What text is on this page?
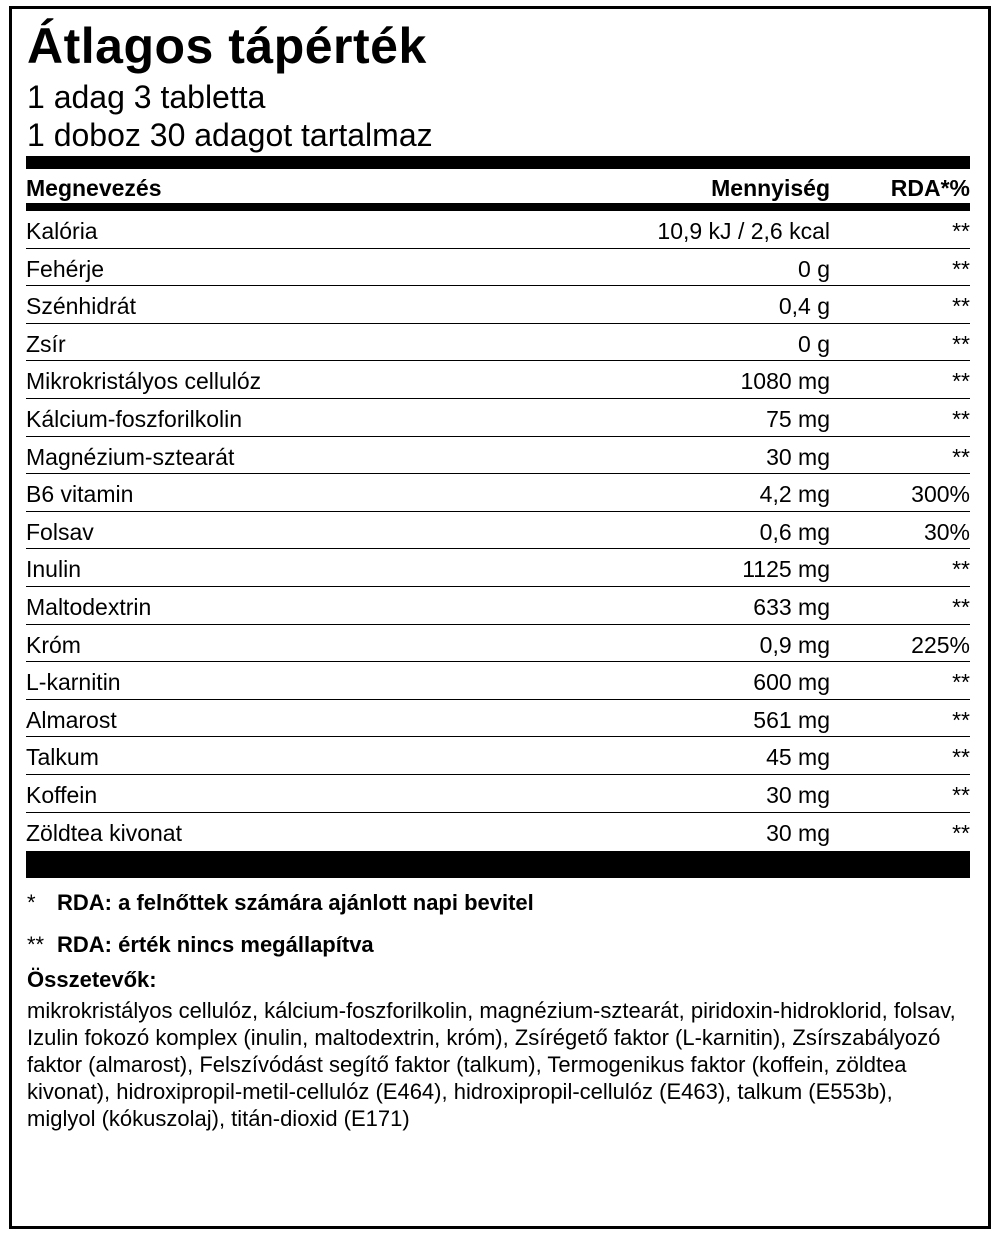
Átlagos tápérték
1 adag 3 tabletta
1 doboz 30 adagot tartalmaz
Megnevezés	Mennyiség	RDA*%
Kalória	10,9 kJ / 2,6 kcal	**
Fehérje	0 g	**
Szénhidrát	0,4 g	**
Zsír	0 g	**
Mikrokristályos cellulóz	1080 mg	**
Kálcium-foszforilkolin	75 mg	**
Magnézium-sztearát	30 mg	**
B6 vitamin	4,2 mg	300%
Folsav	0,6 mg	30%
Inulin	1125 mg	**
Maltodextrin	633 mg	**
Króm	0,9 mg	225%
L-karnitin	600 mg	**
Almarost	561 mg	**
Talkum	45 mg	**
Koffein	30 mg	**
Zöldtea kivonat	30 mg	**
* RDA: a felnőttek számára ajánlott napi bevitel
** RDA: érték nincs megállapítva
Összetevők:
mikrokristályos cellulóz, kálcium-foszforilkolin, magnézium-sztearát, piridoxin-hidroklorid, folsav, Izulin fokozó komplex (inulin, maltodextrin, króm), Zsírégető faktor (L-karnitin), Zsírszabályozó faktor (almarost), Felszívódást segítő faktor (talkum), Termogenikus faktor (koffein, zöldtea kivonat), hidroxipropil-metil-cellulóz (E464), hidroxipropil-cellulóz (E463), talkum (E553b), miglyol (kókuszolaj), titán-dioxid (E171)
